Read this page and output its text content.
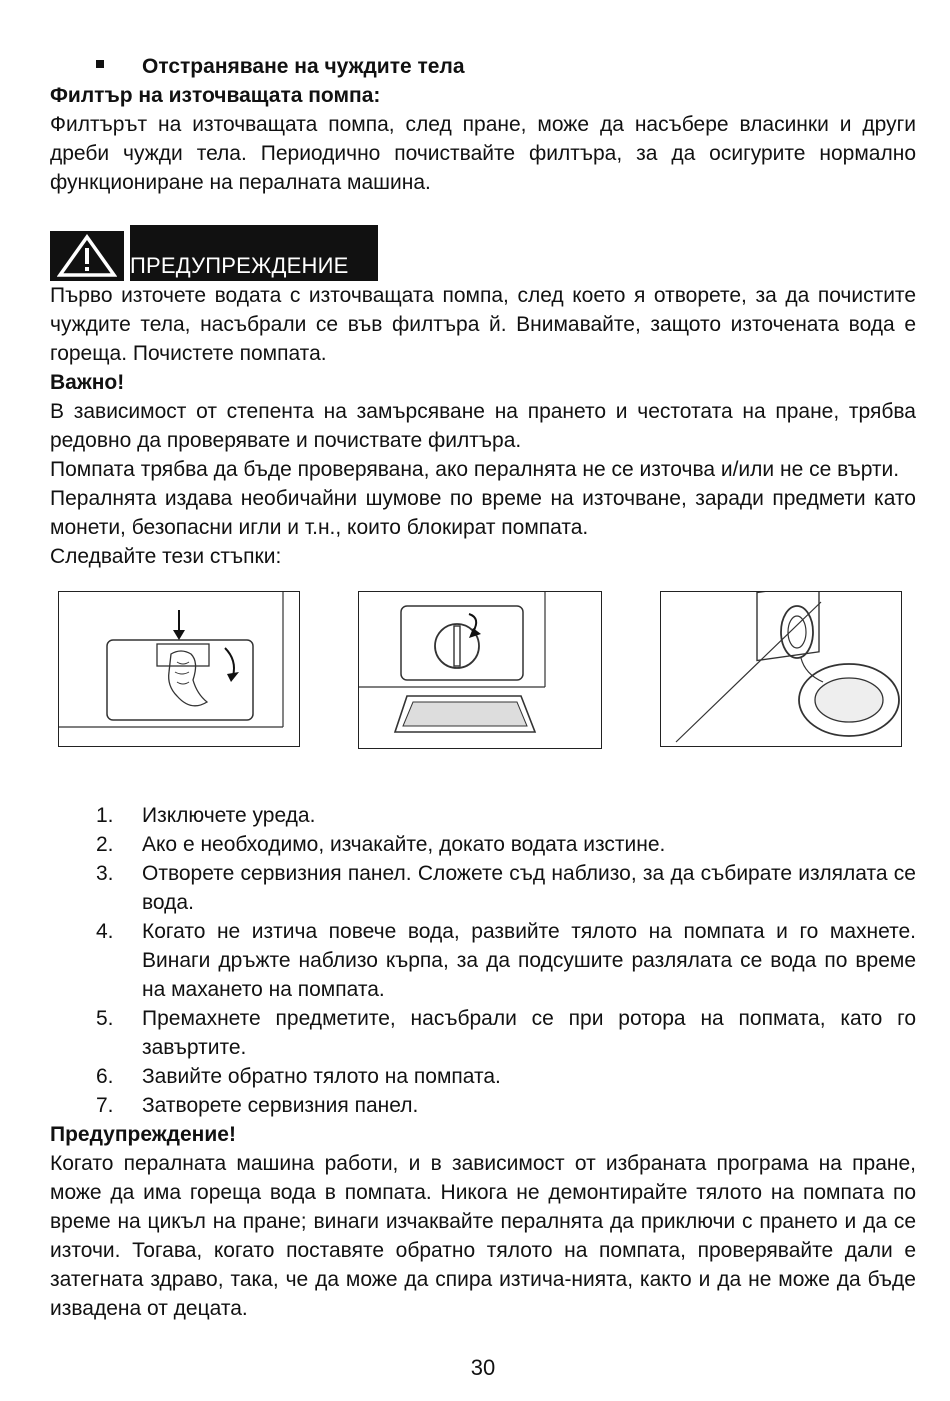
Отстраняване на чуждите тела
Филтър на източващата помпа:
Филтърът на източващата помпа, след пране, може да насъбере власинки и други дреби чужди тела. Периодично почиствайте филтъра, за да осигурите нормално функциониране на пералната машина.
ПРЕДУПРЕЖДЕНИЕ
Първо източете водата с източващата помпа, след което я отворете, за да почистите чуждите тела, насъбрали се във филтъра й. Внимавайте, защото източената вода е гореща. Почистете помпата.
Важно!
В зависимост от степента на замърсяване на прането и честотата на пране, трябва редовно да проверявате и почиствате филтъра.
Помпата трябва да бъде проверявана, ако пералнята не се източва и/или не се върти.
Пералнята издава необичайни шумове по време на източване, заради предмети като монети, безопасни игли и т.н., които блокират помпата.
Следвайте тези стъпки:
1.	Изключете уреда.
2.	Ако е необходимо, изчакайте, докато водата изстине.
3.	Отворете сервизния панел. Сложете съд наблизо, за да събирате излялата се вода.
4.	Когато не изтича повече вода, развийте тялото на помпата и го махнете. Винаги дръжте наблизо кърпа, за да подсушите разлялата се вода по време на махането на помпата.
5.	Премахнете предметите, насъбрали се при ротора на попмата, като го завъртите.
6.	Завийте обратно тялото на помпата.
7.	Затворете сервизния панел.
Предупреждение!
Когато пералната машина работи, и в зависимост от избраната програма на пране, може да има гореща вода в помпата. Никога не демонтирайте тялото на помпата по време на цикъл на пране; винаги изчаквайте пералнята да приключи с прането и да се източи. Тогава, когато поставяте обратно тялото на помпата, проверявайте дали е затегната здраво, така, че да може да спира изтича-нията, както и да не може да бъде извадена от децата.
30
